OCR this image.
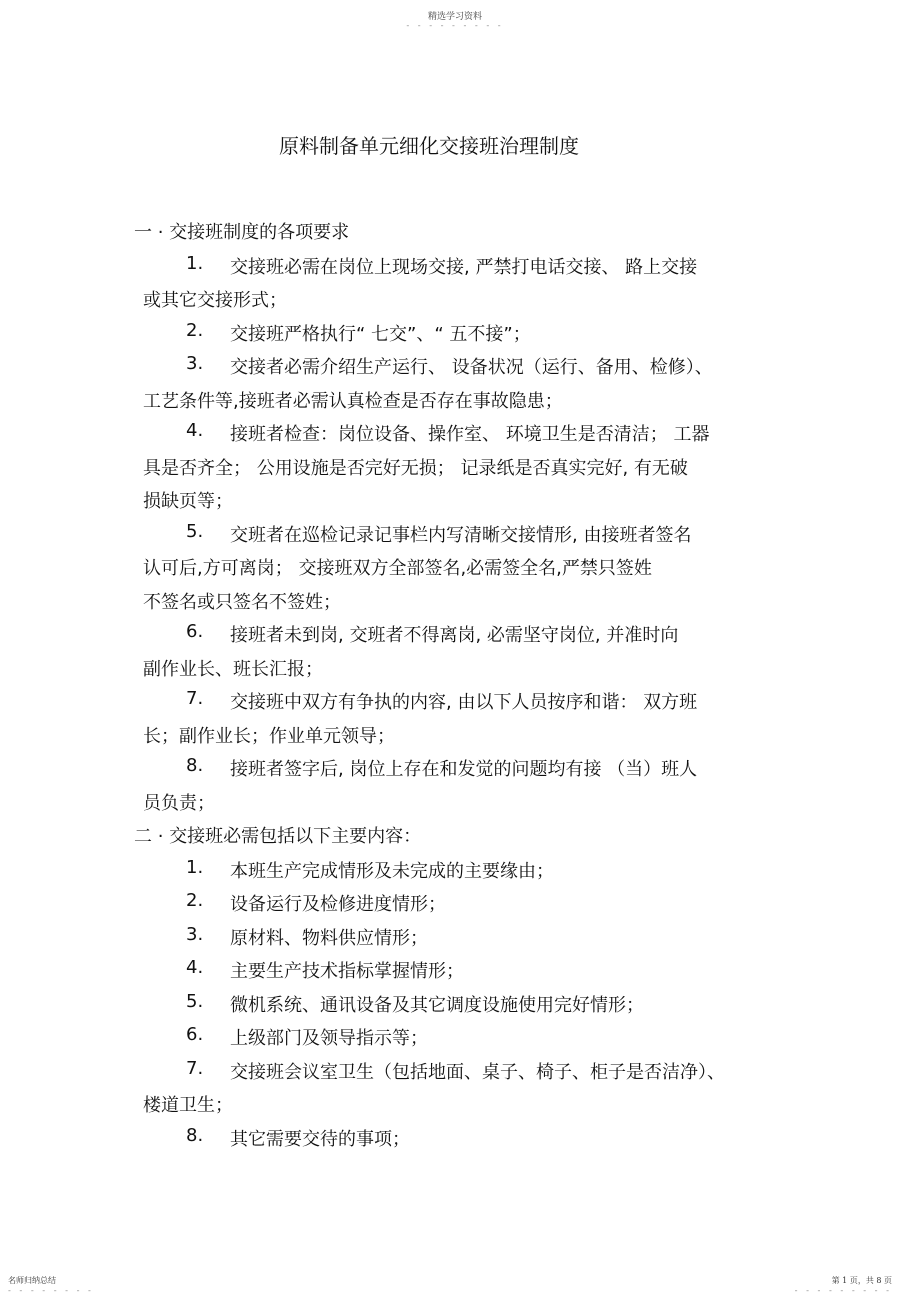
精选学习资料
- - - - - - - - -
原料制备单元细化交接班治理制度
一 · 交接班制度的各项要求
1.	交接班必需在岗位上现场交接, 严禁打电话交接、 路上交接
或其它交接形式；
2.	交接班严格执行“ 七交”、“ 五不接”；
3.	交接者必需介绍生产运行、 设备状况（运行、备用、检修）、
工艺条件等,接班者必需认真检查是否存在事故隐患；
4.	接班者检查：岗位设备、操作室、 环境卫生是否清洁； 工器
具是否齐全； 公用设施是否完好无损； 记录纸是否真实完好, 有无破
损缺页等；
5.	交班者在巡检记录记事栏内写清晰交接情形, 由接班者签名
认可后,方可离岗； 交接班双方全部签名,必需签全名,严禁只签姓
不签名或只签名不签姓；
6.	接班者未到岗, 交班者不得离岗, 必需坚守岗位, 并准时向
副作业长、班长汇报；
7.	交接班中双方有争执的内容, 由以下人员按序和谐： 双方班
长；副作业长；作业单元领导；
8.	接班者签字后, 岗位上存在和发觉的问题均有接 （当）班人
员负责；
二 · 交接班必需包括以下主要内容：
1.	本班生产完成情形及未完成的主要缘由；
2.	设备运行及检修进度情形；
3.	原材料、物料供应情形；
4.	主要生产技术指标掌握情形；
5.	微机系统、通讯设备及其它调度设施使用完好情形；
6.	上级部门及领导指示等；
7.	交接班会议室卫生（包括地面、桌子、椅子、柜子是否洁净）、
楼道卫生；
8.	其它需要交待的事项；
名师归纳总结
- - - - - - - -
第 1 页，共 8 页
- - - - - - - - -
